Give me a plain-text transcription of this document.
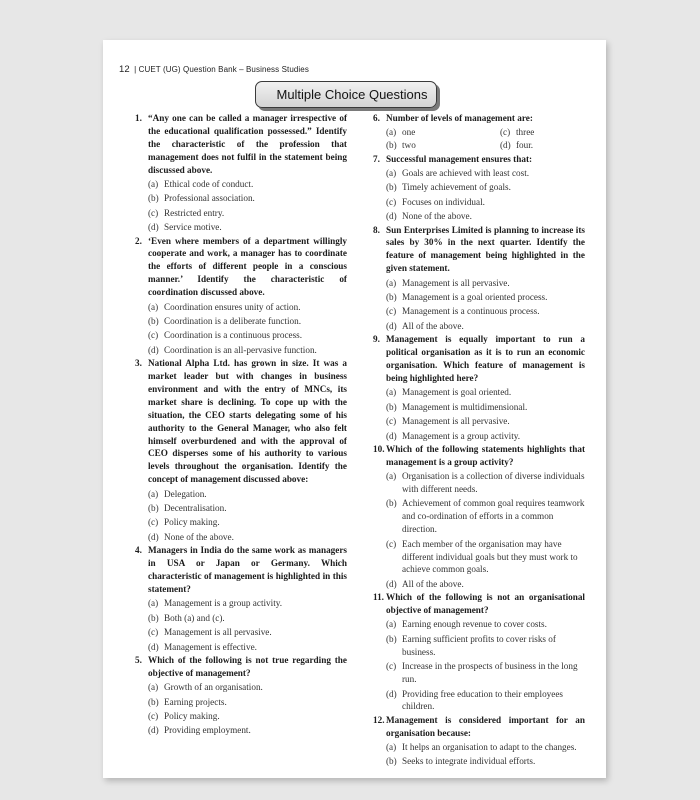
12 | CUET (UG) Question Bank – Business Studies
Multiple Choice Questions
1. “Any one can be called a manager irrespective of the educational qualification possessed.” Identify the characteristic of the profession that management does not fulfil in the statement being discussed above.
(a) Ethical code of conduct.
(b) Professional association.
(c) Restricted entry.
(d) Service motive.
2. ‘Even where members of a department willingly cooperate and work, a manager has to coordinate the efforts of different people in a conscious manner.’ Identify the characteristic of coordination discussed above.
(a) Coordination ensures unity of action.
(b) Coordination is a deliberate function.
(c) Coordination is a continuous process.
(d) Coordination is an all-pervasive function.
3. National Alpha Ltd. has grown in size. It was a market leader but with changes in business environment and with the entry of MNCs, its market share is declining. To cope up with the situation, the CEO starts delegating some of his authority to the General Manager, who also felt himself overburdened and with the approval of CEO disperses some of his authority to various levels throughout the organisation. Identify the concept of management discussed above:
(a) Delegation.
(b) Decentralisation.
(c) Policy making.
(d) None of the above.
4. Managers in India do the same work as managers in USA or Japan or Germany. Which characteristic of management is highlighted in this statement?
(a) Management is a group activity.
(b) Both (a) and (c).
(c) Management is all pervasive.
(d) Management is effective.
5. Which of the following is not true regarding the objective of management?
(a) Growth of an organisation.
(b) Earning projects.
(c) Policy making.
(d) Providing employment.
6. Number of levels of management are:
(a) one	(c) three
(b) two	(d) four.
7. Successful management ensures that:
(a) Goals are achieved with least cost.
(b) Timely achievement of goals.
(c) Focuses on individual.
(d) None of the above.
8. Sun Enterprises Limited is planning to increase its sales by 30% in the next quarter. Identify the feature of management being highlighted in the given statement.
(a) Management is all pervasive.
(b) Management is a goal oriented process.
(c) Management is a continuous process.
(d) All of the above.
9. Management is equally important to run a political organisation as it is to run an economic organisation. Which feature of management is being highlighted here?
(a) Management is goal oriented.
(b) Management is multidimensional.
(c) Management is all pervasive.
(d) Management is a group activity.
10. Which of the following statements highlights that management is a group activity?
(a) Organisation is a collection of diverse individuals with different needs.
(b) Achievement of common goal requires teamwork and co-ordination of efforts in a common direction.
(c) Each member of the organisation may have different individual goals but they must work to achieve common goals.
(d) All of the above.
11. Which of the following is not an organisational objective of management?
(a) Earning enough revenue to cover costs.
(b) Earning sufficient profits to cover risks of business.
(c) Increase in the prospects of business in the long run.
(d) Providing free education to their employees children.
12. Management is considered important for an organisation because:
(a) It helps an organisation to adapt to the changes.
(b) Seeks to integrate individual efforts.
